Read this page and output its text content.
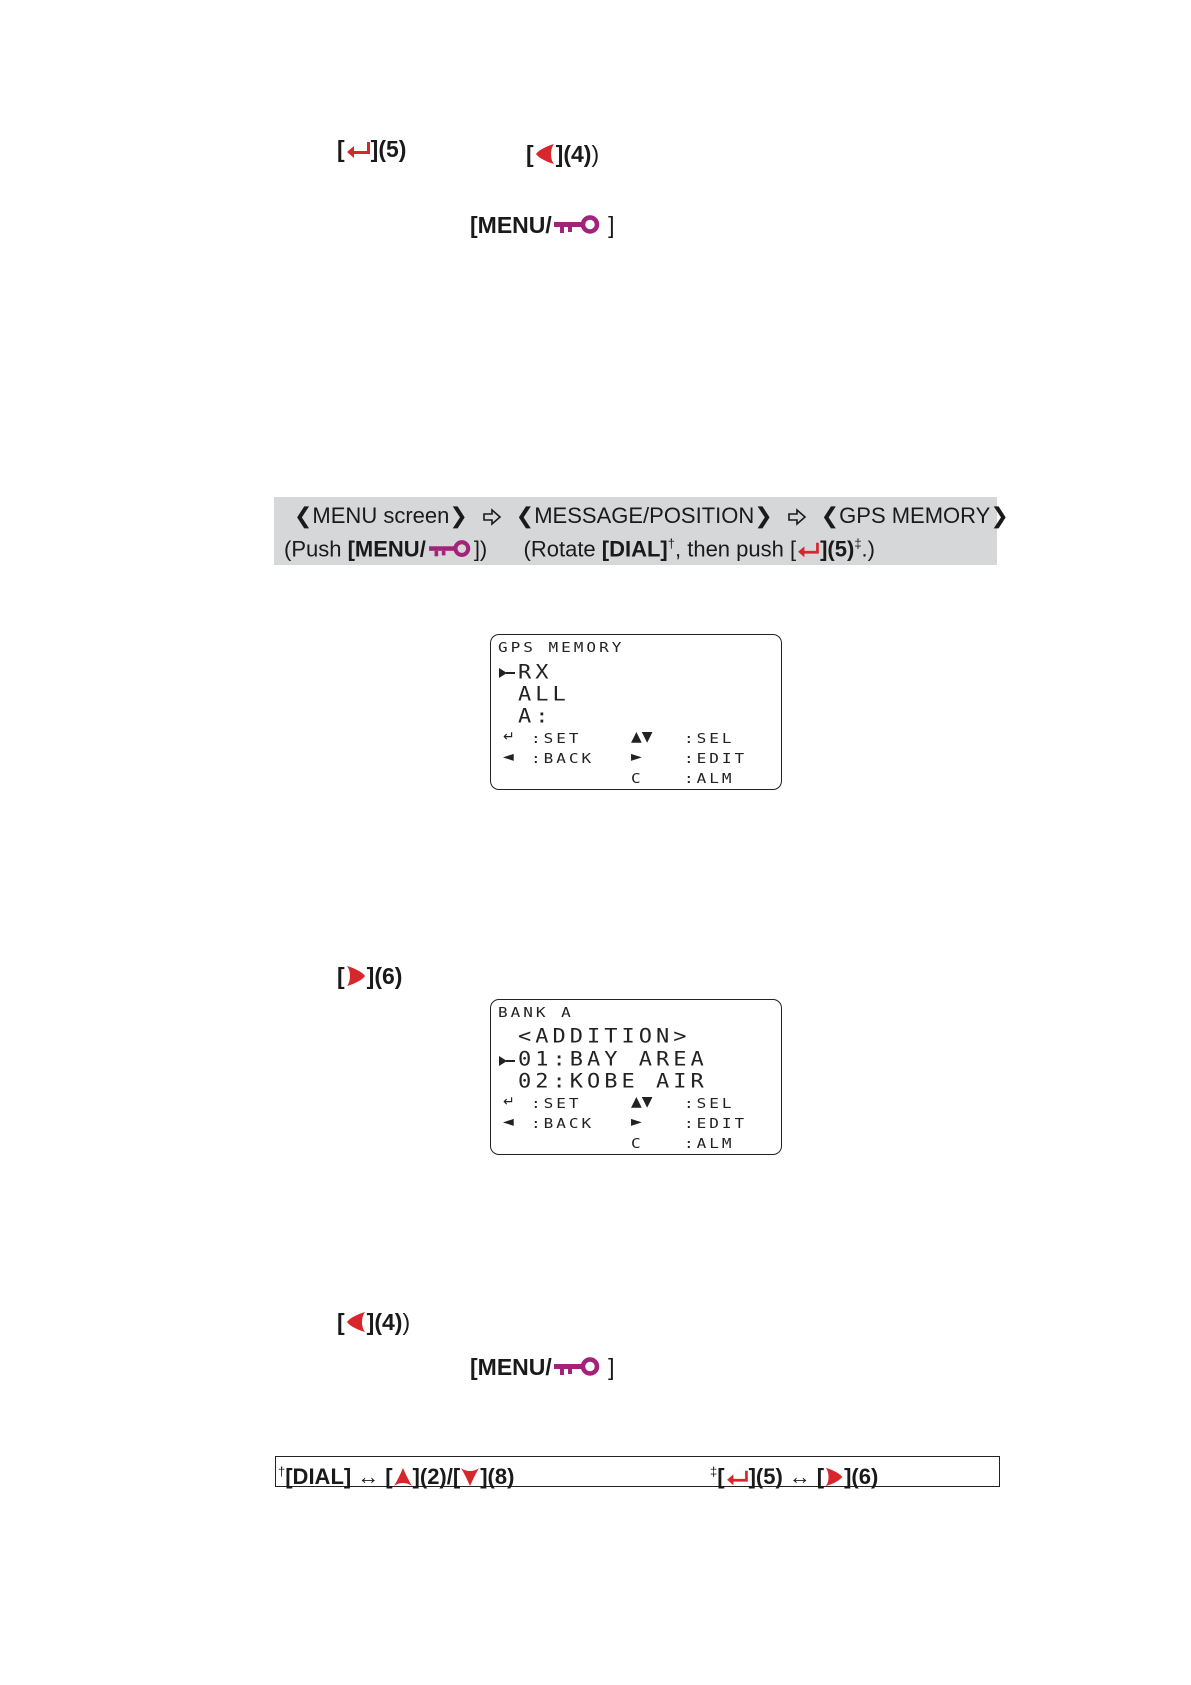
[ ](5)	[ ](4))
[MENU/ ]
❮MENU screen❯ ❮MESSAGE/POSITION❯ ❮GPS MEMORY❯
(Push [MENU/ ]) (Rotate [DIAL]†, then push [ ](5)‡.)
GPS MEMORY
RX
ALL
A:
↵ :SET	▲▼ :SEL
◄ :BACK	►	:EDIT
C	:ALM
[ ](6)
BANK A
<ADDITION>
01:BAY AREA
02:KOBE AIR
↵ :SET	▲▼ :SEL
◄ :BACK	►	:EDIT
C	:ALM
[ ](4))
[MENU/ ]
†[DIAL] ↔ [ ](2)/[ ](8)	‡[ ](5) ↔ [ ](6)
